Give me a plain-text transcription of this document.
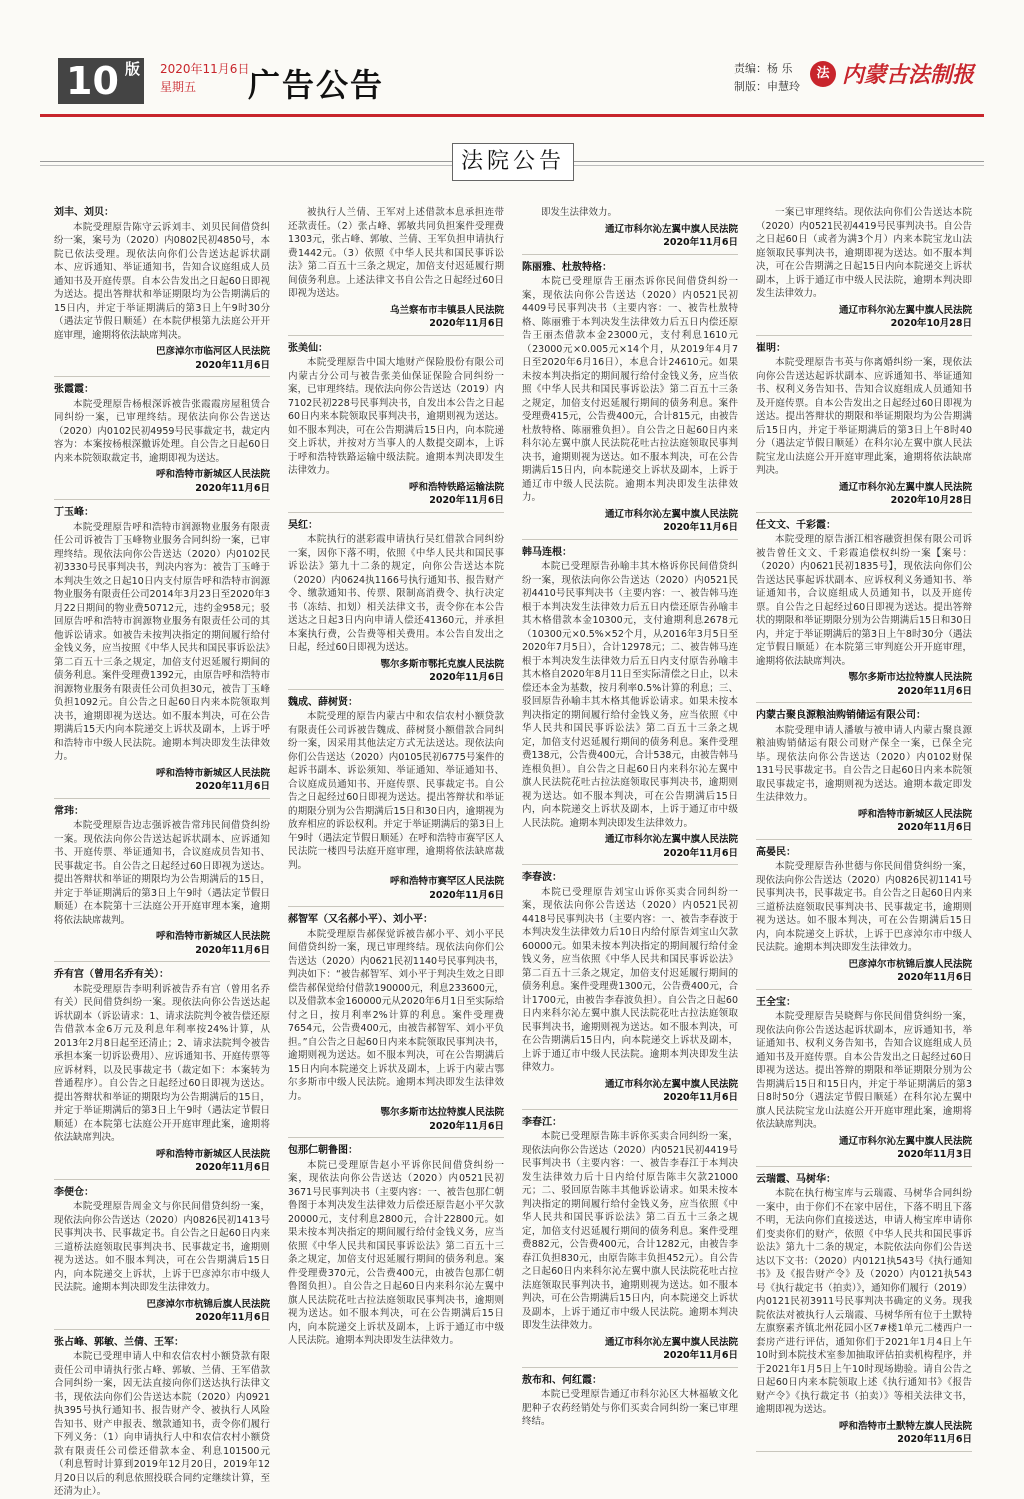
10 版 2020年11月6日
星期五	广告公告	责编：杨 乐
制版：申慧玲
法 内蒙古法制报
法院公告
刘丰、刘贝：
本院受理原告陈守云诉刘丰、刘贝民间借贷纠纷一案，案号为（2020）内0802民初4850号，本院已依法受理。现依法向你们公告送达起诉状副本、应诉通知、举证通知书，告知合议庭组成人员通知书及开庭传票。自本公告发出之日起60日即视为送达。提出答辩状和举证期限均为公告期满后的15日内，并定于举证期满后的第3日上午9时30分（遇法定节假日顺延）在本院伊根第九法庭公开开庭审理，逾期将依法缺席判决。
巴彦淖尔市临河区人民法院
2020年11月6日
张霞霞：
本院受理原告杨根深诉被告张霞霞房屋租赁合同纠纷一案，已审理终结。现依法向你公告送达（2020）内0102民初4959号民事裁定书，裁定内容为：本案按杨根深撤诉处理。自公告之日起60日内来本院领取裁定书，逾期即视为送达。
呼和浩特市新城区人民法院
2020年11月6日
丁玉峰：
本院受理原告呼和浩特市润源物业服务有限责任公司诉被告丁玉峰物业服务合同纠纷一案，已审理终结。现依法向你公告送达（2020）内0102民初3330号民事判决书，判决内容为：被告丁玉峰于本判决生效之日起10日内支付原告呼和浩特市润源物业服务有限责任公司2014年3月23日至2020年3月22日期间的物业费50712元，违约金958元；驳回原告呼和浩特市润源物业服务有限责任公司的其他诉讼请求。如被告未按判决指定的期间履行给付金钱义务，应当按照《中华人民共和国民事诉讼法》第二百五十三条之规定，加倍支付迟延履行期间的债务利息。案件受理费1392元，由原告呼和浩特市润源物业服务有限责任公司负担30元，被告丁玉峰负担1092元。自公告之日起60日内来本院领取判决书，逾期即视为送达。如不服本判决，可在公告期满后15天内向本院递交上诉状及副本，上诉于呼和浩特市中级人民法院。逾期本判决即发生法律效力。
呼和浩特市新城区人民法院
2020年11月6日
常玮：
本院受理原告边志强诉被告常玮民间借贷纠纷一案。现依法向你公告送达起诉状副本、应诉通知书、开庭传票、举证通知书，合议庭成员告知书、民事裁定书。自公告之日起经过60日即视为送达。提出答辩状和举证的期限均为公告期满后的15日，并定于举证期满后的第3日上午9时（遇法定节假日顺延）在本院第十三法庭公开开庭审理本案，逾期将依法缺席裁判。
呼和浩特市新城区人民法院
2020年11月6日
乔有宫（曾用名乔有关）：
本院受理原告李明利诉被告乔有宫（曾用名乔有关）民间借贷纠纷一案。现依法向你公告送达起诉状副本（诉讼请求：1、请求法院判令被告偿还原告借款本金6万元及利息年利率按24%计算，从2013年2月8日起至还清止；2、请求法院判令被告承担本案一切诉讼费用）、应诉通知书、开庭传票等应诉材料，以及民事裁定书（裁定如下：本案转为普通程序）。自公告之日起经过60日即视为送达。提出答辩状和举证的期限均为公告期满后的15日，并定于举证期满后的第3日上午9时（遇法定节假日顺延）在本院第七法庭公开开庭审理此案，逾期将依法缺席判决。
呼和浩特市新城区人民法院
2020年11月6日
李便仓：
本院受理原告周金文与你民间借贷纠纷一案，现依法向你公告送达（2020）内0826民初1413号民事判决书、民事裁定书。自公告之日起60日内来三道桥法庭领取民事判决书、民事裁定书，逾期则视为送达。如不服本判决，可在公告期满后15日内，向本院递交上诉状，上诉于巴彦淖尔市中级人民法院。逾期本判决即发生法律效力。
巴彦淖尔市杭锦后旗人民法院
2020年11月6日
张占峰、郭敏、兰倩、王军：
本院已受理申请人中和农信农村小额贷款有限责任公司申请执行张占峰、郭敏、兰倩、王军借款合同纠纷一案，因无法直接向你们送达执行法律文书，现依法向你们公告送达本院（2020）内0921执395号执行通知书、报告财产令、被执行人风险告知书、财产申报表、缴款通知书，责令你们履行下列义务：（1）向申请执行人中和农信农村小额贷款有限责任公司偿还借款本金、利息101500元（利息暂时计算到2019年12月20日，2019年12月20日以后的利息依照投联合同约定继续计算，至还清为止）。
被执行人兰倩、王军对上述借款本息承担连带还款责任。（2）张占峰、郭敏共同负担案件受理费1303元，张占峰、郭敏、兰倩、王军负担申请执行费1442元。（3）依照《中华人民共和国民事诉讼法》第二百五十三条之规定，加倍支付迟延履行期间债务利息。上述法律文书自公告之日起经过60日即视为送达。
乌兰察布市丰镇县人民法院
2020年11月6日
张美仙：
本院受理原告中国大地财产保险股份有限公司内蒙古分公司与被告张美仙保证保险合同纠纷一案，已审理终结。现依法向你公告送达（2019）内7102民初228号民事判决书，自发出本公告之日起60日内来本院领取民事判决书，逾期则视为送达。如不服本判决，可在公告期满后15日内，向本院递交上诉状，并按对方当事人的人数提交副本，上诉于呼和浩特铁路运输中级法院。逾期本判决即发生法律效力。
呼和浩特铁路运输法院
2020年11月6日
吴红：
本院执行的湛彩霞申请执行吴红借款合同纠纷一案，因你下落不明，依照《中华人民共和国民事诉讼法》第九十二条的规定，向你公告送达本院（2020）内0624执1166号执行通知书、报告财产令、缴款通知书、传票、限制高消费令、执行决定书（冻结、扣划）相关法律文书，责令你在本公告送达之日起3日内向申请人偿还41360元，并承担本案执行费，公告费等相关费用。本公告自发出之日起，经过60日即视为送达。
鄂尔多斯市鄂托克旗人民法院
2020年11月6日
魏成、薛树贤：
本院受理的原告内蒙古中和农信农村小额贷款有限责任公司诉被告魏成、薛树贤小额借款合同纠纷一案，因采用其他法定方式无法送达。现依法向你们公告送达（2020）内0105民初6775号案件的起诉书副本、诉讼须知、举证通知、举证通知书、合议庭成员通知书、开庭传票、民事裁定书。自公告之日起经过60日即视为送达。提出答辩状和举证的期限分别为公告期满后15日和30日内，逾期视为放弃相应的诉讼权利。并定于举证期满后的第3日上午9时（遇法定节假日顺延）在呼和浩特市赛罕区人民法院一楼四号法庭开庭审理，逾期将依法缺席裁判。
呼和浩特市赛罕区人民法院
2020年11月6日
郝智军（又名郝小平）、刘小平：
本院受理原告郝保觉诉被告郝小平、刘小平民间借贷纠纷一案，现已审理终结。现依法向你们公告送达（2020）内0621民初1140号民事判决书，判决如下：“被告郝智军、刘小平于判决生效之日即偿告郝保觉给付借款190000元，利息233600元，以及借款本金160000元从2020年6月1日至实际给付之日，按月利率2%计算的利息。案件受理费7654元，公告费400元，由被告郝智军、刘小平负担。”自公告之日起60日内来本院领取民事判决书，逾期则视为送达。如不服本判决，可在公告期满后15日内向本院递交上诉状及副本，上诉于内蒙古鄂尔多斯市中级人民法院。逾期本判决即发生法律效力。
鄂尔多斯市达拉特旗人民法院
2020年11月6日
包那仁朝鲁图：
本院已受理原告赵小平诉你民间借贷纠纷一案，现依法向你公告送达（2020）内0521民初3671号民事判决书（主要内容：一、被告包那仁朝鲁图于本判决发生法律效力后偿还原告赵小平欠款20000元，支付利息2800元，合计22800元。如果未按本判决指定的期间履行给付金钱义务，应当依照《中华人民共和国民事诉讼法》第二百五十三条之规定，加倍支付迟延履行期间的债务利息。案件受理费370元，公告费400元，由被告包那仁朝鲁图负担）。自公告之日起60日内来科尔沁左翼中旗人民法院花吐古拉法庭领取民事判决书，逾期则视为送达。如不服本判决，可在公告期满后15日内，向本院递交上诉状及副本，上诉于通辽市中级人民法院。逾期本判决即发生法律效力。
即发生法律效力。
通辽市科尔沁左翼中旗人民法院
2020年11月6日
陈丽雅、杜敖特格：
本院已受理原告王丽杰诉你民间借贷纠纷一案，现依法向你公告送达（2020）内0521民初4409号民事判决书（主要内容：一、被告杜敖特格、陈丽雅于本判决发生法律效力后五日内偿还原告王丽杰借款本金23000元，支付利息1610元（23000元×0.005元×14个月，从2019年4月7日至2020年6月16日），本息合计24610元。如果未按本判决指定的期间履行给付金钱义务，应当依照《中华人民共和国民事诉讼法》第二百五十三条之规定，加倍支付迟延履行期间的债务利息。案件受理费415元，公告费400元，合计815元，由被告杜敖特格、陈丽雅负担）。自公告之日起60日内来科尔沁左翼中旗人民法院花吐古拉法庭领取民事判决书，逾期则视为送达。如不服本判决，可在公告期满后15日内，向本院递交上诉状及副本，上诉于通辽市中级人民法院。逾期本判决即发生法律效力。
通辽市科尔沁左翼中旗人民法院
2020年11月6日
韩马连根：
本院已受理原告孙喻丰其木格诉你民间借贷纠纷一案，现依法向你公告送达（2020）内0521民初4410号民事判决书（主要内容：一、被告韩马连根于本判决发生法律效力后五日内偿还原告孙喻丰其木格借款本金10300元，支付逾期利息2678元（10300元×0.5%×52个月，从2016年3月5日至2020年7月5日），合计12978元；二、被告韩马连根于本判决发生法律效力后五日内支付原告孙喻丰其木格自2020年8月11日至实际清偿之日止，以未偿还本金为基数，按月利率0.5%计算的利息；三、驳回原告孙喻丰其木格其他诉讼请求。如果未按本判决指定的期间履行给付金钱义务，应当依照《中华人民共和国民事诉讼法》第二百五十三条之规定，加倍支付迟延履行期间的债务利息。案件受理费138元，公告费400元，合计538元，由被告韩马连根负担）。自公告之日起60日内来科尔沁左翼中旗人民法院花吐古拉法庭领取民事判决书，逾期则视为送达。如不服本判决，可在公告期满后15日内，向本院递交上诉状及副本，上诉于通辽市中级人民法院。逾期本判决即发生法律效力。
通辽市科尔沁左翼中旗人民法院
2020年11月6日
李春波：
本院已受理原告刘宝山诉你买卖合同纠纷一案，现依法向你公告送达（2020）内0521民初4418号民事判决书（主要内容：一、被告李春波于本判决发生法律效力后10日内给付原告刘宝山欠款60000元。如果未按本判决指定的期间履行给付金钱义务，应当依照《中华人民共和国民事诉讼法》第二百五十三条之规定，加倍支付迟延履行期间的债务利息。案件受理费1300元，公告费400元，合计1700元，由被告李春波负担）。自公告之日起60日内来科尔沁左翼中旗人民法院花吐古拉法庭领取民事判决书，逾期则视为送达。如不服本判决，可在公告期满后15日内，向本院递交上诉状及副本，上诉于通辽市中级人民法院。逾期本判决即发生法律效力。
通辽市科尔沁左翼中旗人民法院
2020年11月6日
李春江：
本院已受理原告陈丰诉你买卖合同纠纷一案，现依法向你公告送达（2020）内0521民初4419号民事判决书（主要内容：一、被告李春江于本判决发生法律效力后十日内给付原告陈丰欠款21000元；二、驳回原告陈丰其他诉讼请求。如果未按本判决指定的期间履行给付金钱义务，应当依照《中华人民共和国民事诉讼法》第二百五十三条之规定，加倍支付迟延履行期间的债务利息。案件受理费882元，公告费400元，合计1282元，由被告李春江负担830元，由原告陈丰负担452元）。自公告之日起60日内来科尔沁左翼中旗人民法院花吐古拉法庭领取民事判决书，逾期则视为送达。如不服本判决，可在公告期满后15日内，向本院递交上诉状及副本，上诉于通辽市中级人民法院。逾期本判决即发生法律效力。
通辽市科尔沁左翼中旗人民法院
2020年11月6日
敖布和、何红霞：
本院已受理原告通辽市科尔沁区大林福敏文化肥种子农药经销处与你们买卖合同纠纷一案已审理终结。
一案已审理终结。现依法向你们公告送达本院（2020）内0521民初4419号民事判决书。自公告之日起60日（或者为满3个月）内来本院宝龙山法庭领取民事判决书，逾期即视为送达。如不服本判决，可在公告期满之日起15日内向本院递交上诉状副本，上诉于通辽市中级人民法院，逾期本判决即发生法律效力。
通辽市科尔沁左翼中旗人民法院
2020年10月28日
崔明：
本院受理原告韦英与你离婚纠纷一案，现依法向你公告送达起诉状副本、应诉通知书、举证通知书、权利义务告知书、告知合议庭组成人员通知书及开庭传票。自本公告发出之日起经过60日即视为送达。提出答辩状的期限和举证期限均为公告期满后15日内，并定于举证期满后的第3日上午8时40分（遇法定节假日顺延）在科尔沁左翼中旗人民法院宝龙山法庭公开开庭审理此案，逾期将依法缺席判决。
通辽市科尔沁左翼中旗人民法院
2020年10月28日
任文文、千彩霞：
本院受理的原告浙江相容融资担保有限公司诉被告曾任文文、千彩霞追偿权纠纷一案【案号：（2020）内0621民初1835号】，现依法向你们公告送达民事起诉状副本、应诉权利义务通知书、举证通知书，合议庭组成人员通知书，以及开庭传票。自公告之日起经过60日即视为送达。提出答辩状的期限和举证期限分别为公告期满后15日和30日内，并定于举证期满后的第3日上午8时30分（遇法定节假日顺延）在本院第三审判庭公开开庭审理，逾期将依法缺席判决。
鄂尔多斯市达拉特旗人民法院
2020年11月6日
内蒙古聚良源粮油购销储运有限公司：
本院受理申请人潘敏与被申请人内蒙古聚良源粮油购销储运有限公司财产保全一案，已保全完毕。现依法向你公告送达（2020）内0102财保131号民事裁定书。自公告之日起60日内来本院领取民事裁定书，逾期则视为送达。逾期本裁定即发生法律效力。
呼和浩特市新城区人民法院
2020年11月6日
高晏民：
本院受理原告孙世德与你民间借贷纠纷一案，现依法向你公告送达（2020）内0826民初1141号民事判决书，民事裁定书。自公告之日起60日内来三道桥法庭领取民事判决书、民事裁定书，逾期则视为送达。如不服本判决，可在公告期满后15日内，向本院递交上诉状，上诉于巴彦淖尔市中级人民法院。逾期本判决即发生法律效力。
巴彦淖尔市杭锦后旗人民法院
2020年11月6日
王全宝：
本院受理原告吴晓辉与你民间借贷纠纷一案，现依法向你公告送达起诉状副本，应诉通知书，举证通知书、权利义务告知书，告知合议庭组成人员通知书及开庭传票。自本公告发出之日起经过60日即视为送达。提出答辩的期限和举证期限分别为公告期满后15日和15日内，并定于举证期满后的第3日8时50分（遇法定节假日顺延）在科尔沁左翼中旗人民法院宝龙山法庭公开开庭审理此案，逾期将依法缺席判决。
通辽市科尔沁左翼中旗人民法院
2020年11月3日
云瑞霞、马树华：
本院在执行梅宝库与云瑞霞、马树华合同纠纷一案中，由于你们不在家中居住，下落不明且下落不明，无法向你们直接送达，申请人梅宝库申请你们变卖你们的财产，依照《中华人民共和国民事诉讼法》第九十二条的规定，本院依法向你们公告送达以下文书：（2020）内0121执543号《执行通知书》及《报告财产令》及（2020）内0121执543号《执行裁定书（拍卖）》，通知你们履行（2019）内0121民初3911号民事判决书确定的义务。现我院依法对被执行人云瑞霞、马树华所有位于土默特左旗察素齐镇北州花园小区7#楼1单元二楼西户一套房产进行评估，通知你们于2021年1月4日上午10时到本院技术室参加抽取评估拍卖机构程序，并于2021年1月5日上午10时现场勘验。请自公告之日起60日内来本院领取上述《执行通知书》《报告财产令》《执行裁定书（拍卖）》等相关法律文书，逾期即视为送达。
呼和浩特市土默特左旗人民法院
2020年11月6日
